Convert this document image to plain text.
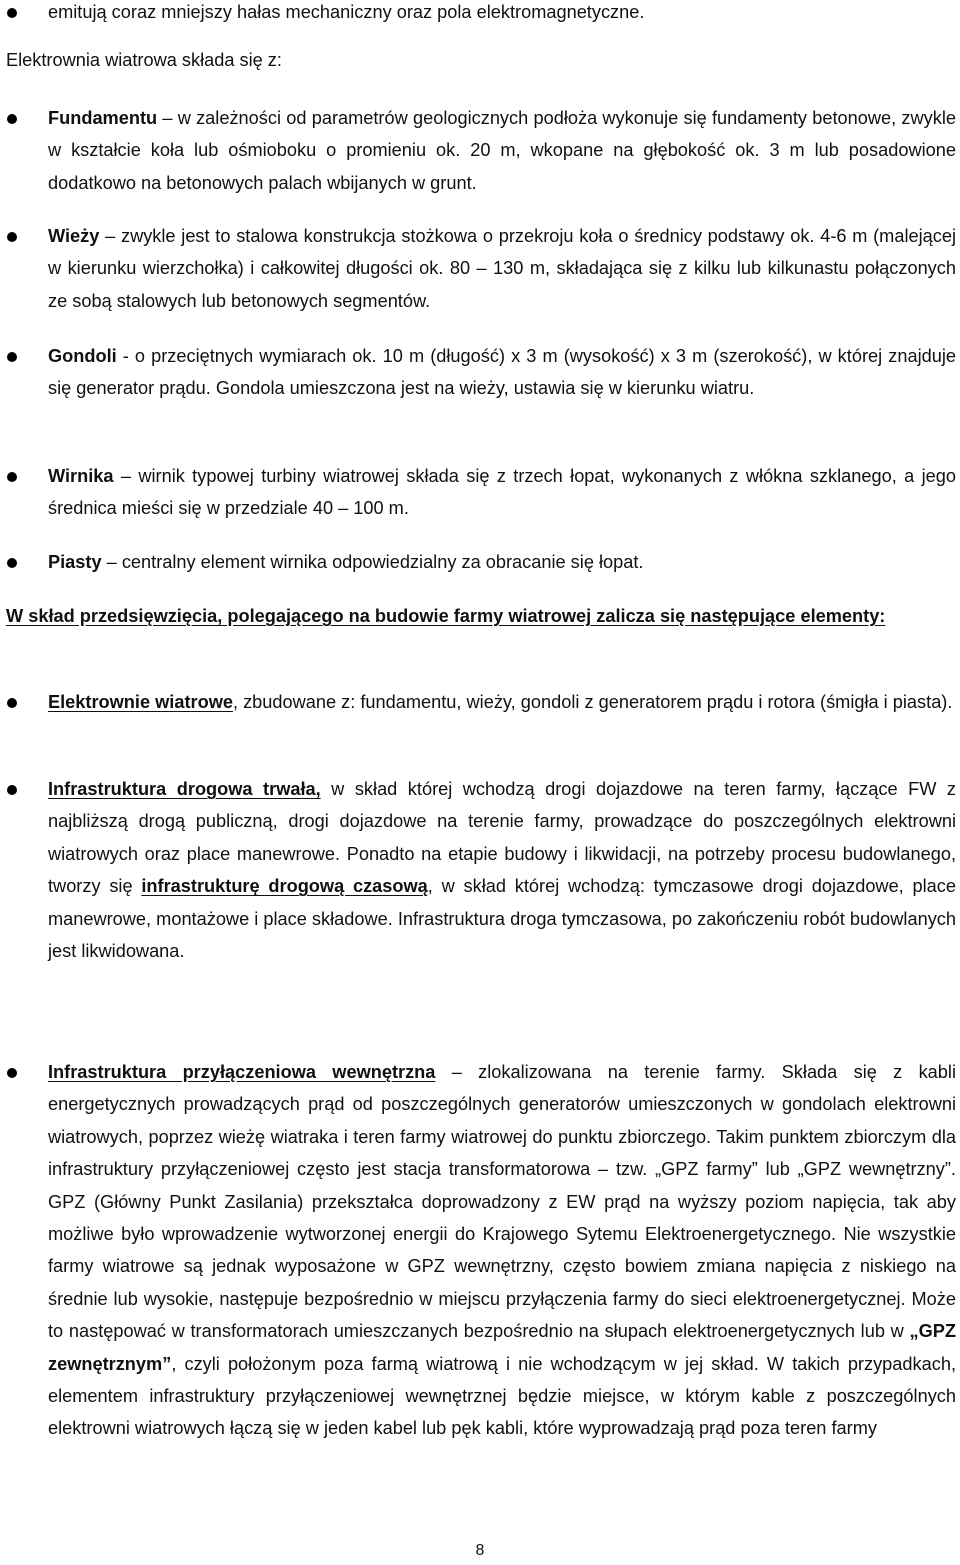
emitują coraz mniejszy hałas mechaniczny oraz pola elektromagnetyczne.
Elektrownia wiatrowa składa się z:
Fundamentu – w zależności od parametrów geologicznych podłoża wykonuje się fundamenty betonowe, zwykle w kształcie koła lub ośmioboku o promieniu ok. 20 m, wkopane na głębokość ok. 3 m lub posadowione dodatkowo na betonowych palach wbijanych w grunt.
Wieży – zwykle jest to stalowa konstrukcja stożkowa o przekroju koła o średnicy podstawy ok. 4-6 m (malejącej w kierunku wierzchołka) i całkowitej długości ok. 80 – 130 m, składająca się z kilku lub kilkunastu połączonych ze sobą stalowych lub betonowych segmentów.
Gondoli - o przeciętnych wymiarach ok. 10 m (długość) x 3 m (wysokość) x 3 m (szerokość), w której znajduje się generator prądu. Gondola umieszczona jest na wieży, ustawia się w kierunku wiatru.
Wirnika – wirnik typowej turbiny wiatrowej składa się z trzech łopat, wykonanych z włókna szklanego, a jego średnica mieści się w przedziale 40 – 100 m.
Piasty – centralny element wirnika odpowiedzialny za obracanie się łopat.
W skład przedsięwzięcia, polegającego na budowie farmy wiatrowej zalicza się następujące elementy:
Elektrownie wiatrowe, zbudowane z: fundamentu, wieży, gondoli z generatorem prądu i rotora (śmigła i piasta).
Infrastruktura drogowa trwała, w skład której wchodzą drogi dojazdowe na teren farmy, łączące FW z najbliższą drogą publiczną, drogi dojazdowe na terenie farmy, prowadzące do poszczególnych elektrowni wiatrowych oraz place manewrowe. Ponadto na etapie budowy i likwidacji, na potrzeby procesu budowlanego, tworzy się infrastrukturę drogową czasową, w skład której wchodzą: tymczasowe drogi dojazdowe, place manewrowe, montażowe i place składowe. Infrastruktura droga tymczasowa, po zakończeniu robót budowlanych jest likwidowana.
Infrastruktura przyłączeniowa wewnętrzna – zlokalizowana na terenie farmy. Składa się z kabli energetycznych prowadzących prąd od poszczególnych generatorów umieszczonych w gondolach elektrowni wiatrowych, poprzez wieżę wiatraka i teren farmy wiatrowej do punktu zbiorczego. Takim punktem zbiorczym dla infrastruktury przyłączeniowej często jest stacja transformatorowa – tzw. „GPZ farmy” lub „GPZ wewnętrzny”. GPZ (Główny Punkt Zasilania) przekształca doprowadzony z EW prąd na wyższy poziom napięcia, tak aby możliwe było wprowadzenie wytworzonej energii do Krajowego Sytemu Elektroenergetycznego. Nie wszystkie farmy wiatrowe są jednak wyposażone w GPZ wewnętrzny, często bowiem zmiana napięcia z niskiego na średnie lub wysokie, następuje bezpośrednio w miejscu przyłączenia farmy do sieci elektroenergetycznej. Może to następować w transformatorach umieszczanych bezpośrednio na słupach elektroenergetycznych lub w „GPZ zewnętrznym”, czyli położonym poza farmą wiatrową i nie wchodzącym w jej skład. W takich przypadkach, elementem infrastruktury przyłączeniowej wewnętrznej będzie miejsce, w którym kable z poszczególnych elektrowni wiatrowych łączą się w jeden kabel lub pęk kabli, które wyprowadzają prąd poza teren farmy
8
